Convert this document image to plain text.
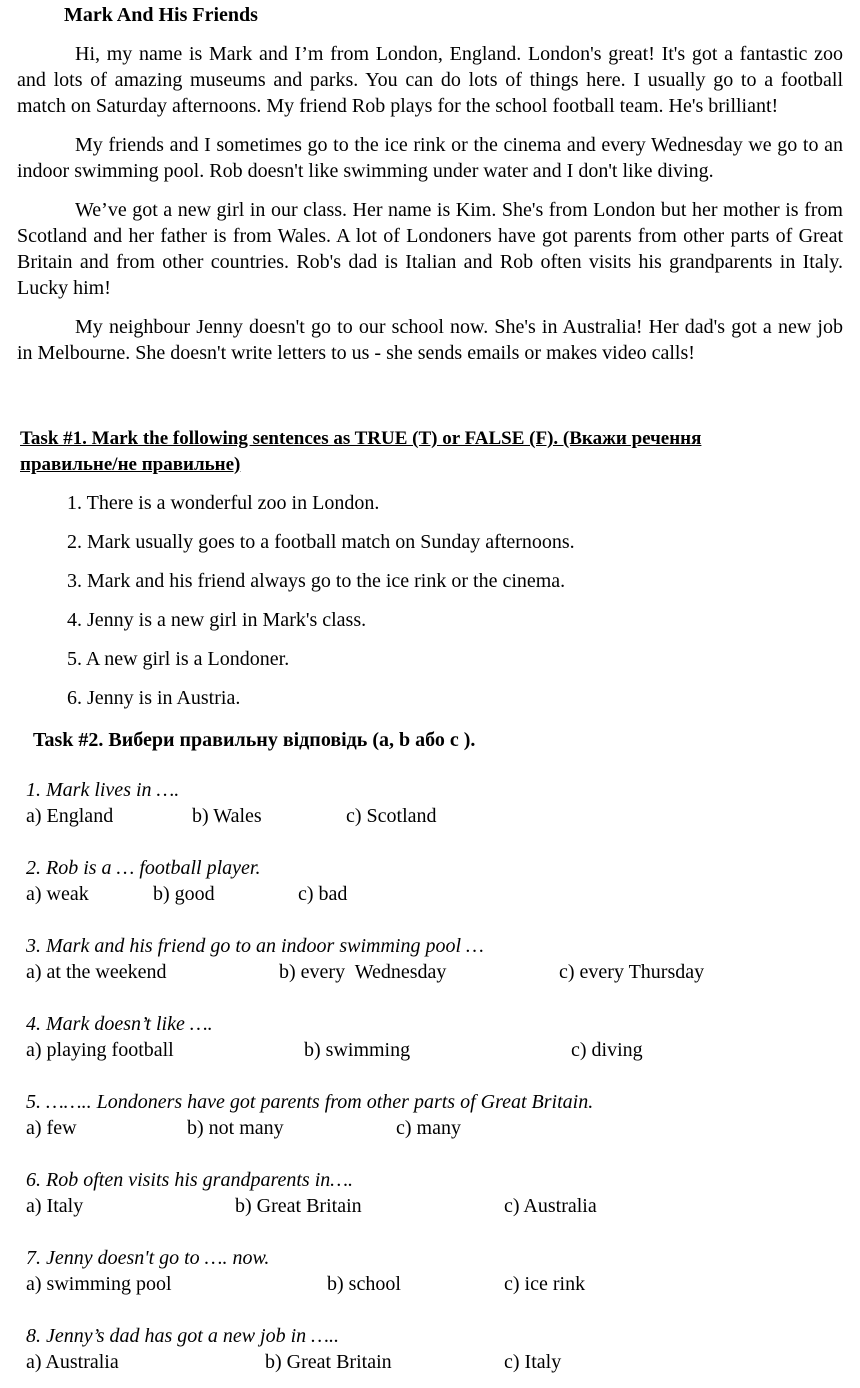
Mark And His Friends

Hi, my name is Mark and I’m from London, England. London's great! It's got a fantastic zoo and lots of amazing museums and parks. You can do lots of things here. I usually go to a football match on Saturday afternoons. My friend Rob plays for the school football team. He's brilliant!

My friends and I sometimes go to the ice rink or the cinema and every Wednesday we go to an indoor swimming pool. Rob doesn't like swimming under water and I don't like diving.

We’ve got a new girl in our class. Her name is Kim. She's from London but her mother is from Scotland and her father is from Wales. A lot of Londoners have got parents from other parts of Great Britain and from other countries. Rob's dad is Italian and Rob often visits his grandparents in Italy. Lucky him!

My neighbour Jenny doesn't go to our school now. She's in Australia! Her dad's got a new job in Melbourne. She doesn't write letters to us - she sends emails or makes video calls!

Task #1. Mark the following sentences as TRUE (T) or FALSE (F). (Вкажи речення правильне/не правильне)
1. There is a wonderful zoo in London.
2. Mark usually goes to a football match on Sunday afternoons.
3. Mark and his friend always go to the ice rink or the cinema.
4. Jenny is a new girl in Mark's class.
5. A new girl is a Londoner.
6. Jenny is in Austria.
Task #2. Вибери правильну відповідь (a, b або c ).
1. Mark lives in ….
a) England	b) Wales	c) Scotland
2. Rob is a … football player.
a) weak	b) good	c) bad
3. Mark and his friend go to an indoor swimming pool …
a) at the weekend	b) every  Wednesday	c) every Thursday
4. Mark doesn’t like ….
a) playing football	b) swimming	c) diving
5. …….. Londoners have got parents from other parts of Great Britain.
a) few	b) not many	c) many
6. Rob often visits his grandparents in….
a) Italy	b) Great Britain	c) Australia
7. Jenny doesn't go to …. now.
a) swimming pool	b) school	c) ice rink
8. Jenny’s dad has got a new job in …..
a) Australia	b) Great Britain	c) Italy
